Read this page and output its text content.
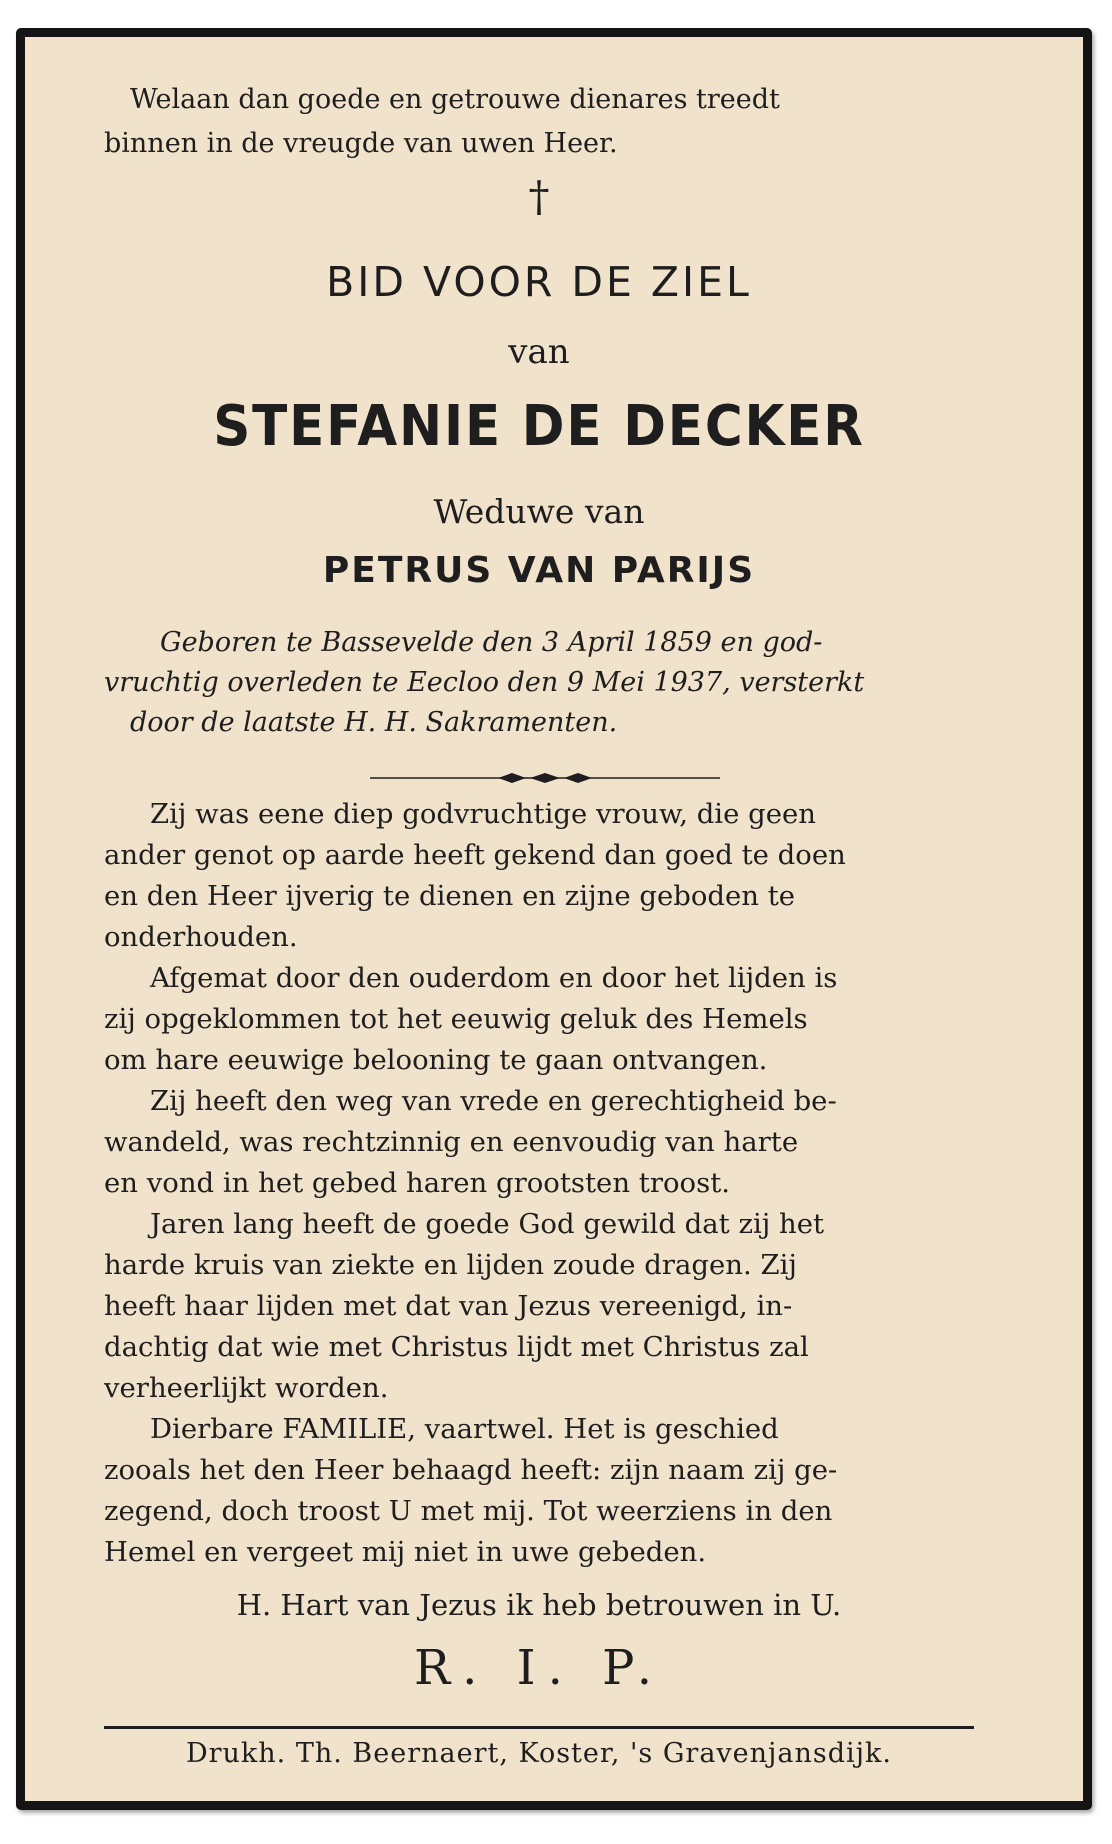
Welaan dan goede en getrouwe dienares treedt
binnen in de vreugde van uwen Heer.
†
BID VOOR DE ZIEL
van
STEFANIE DE DECKER
Weduwe van
PETRUS VAN PARIJS
Geboren te Bassevelde den 3 April 1859 en god-
vruchtig overleden te Eecloo den 9 Mei 1937, versterkt
door de laatste H. H. Sakramenten.
Zij was eene diep godvruchtige vrouw, die geen
ander genot op aarde heeft gekend dan goed te doen
en den Heer ijverig te dienen en zijne geboden te
onderhouden.
Afgemat door den ouderdom en door het lijden is
zij opgeklommen tot het eeuwig geluk des Hemels
om hare eeuwige belooning te gaan ontvangen.
Zij heeft den weg van vrede en gerechtigheid be-
wandeld, was rechtzinnig en eenvoudig van harte
en vond in het gebed haren grootsten troost.
Jaren lang heeft de goede God gewild dat zij het
harde kruis van ziekte en lijden zoude dragen. Zij
heeft haar lijden met dat van Jezus vereenigd, in-
dachtig dat wie met Christus lijdt met Christus zal
verheerlijkt worden.
Dierbare FAMILIE, vaartwel. Het is geschied
zooals het den Heer behaagd heeft: zijn naam zij ge-
zegend, doch troost U met mij. Tot weerziens in den
Hemel en vergeet mij niet in uwe gebeden.
H. Hart van Jezus ik heb betrouwen in U.
R. I. P.
Drukh. Th. Beernaert, Koster, 's Gravenjansdijk.
